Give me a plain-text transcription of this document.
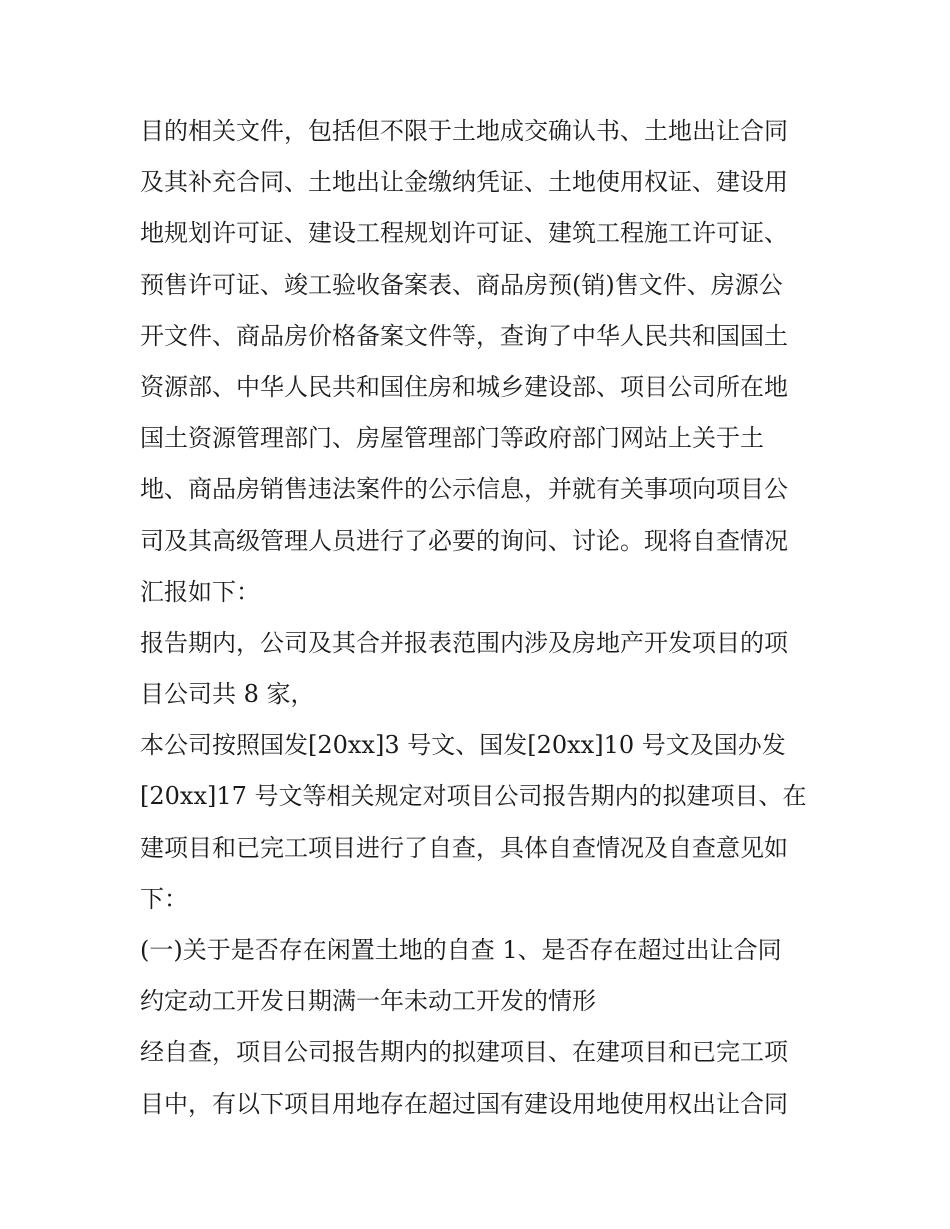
目的相关文件，包括但不限于土地成交确认书、土地出让合同
及其补充合同、土地出让金缴纳凭证、土地使用权证、建设用
地规划许可证、建设工程规划许可证、建筑工程施工许可证、
预售许可证、竣工验收备案表、商品房预(销)售文件、房源公
开文件、商品房价格备案文件等，查询了中华人民共和国国土
资源部、中华人民共和国住房和城乡建设部、项目公司所在地
国土资源管理部门、房屋管理部门等政府部门网站上关于土
地、商品房销售违法案件的公示信息，并就有关事项向项目公
司及其高级管理人员进行了必要的询问、讨论。现将自查情况
汇报如下：
报告期内，公司及其合并报表范围内涉及房地产开发项目的项
目公司共 8 家，
本公司按照国发[20xx]3 号文、国发[20xx]10 号文及国办发
[20xx]17 号文等相关规定对项目公司报告期内的拟建项目、在
建项目和已完工项目进行了自查，具体自查情况及自查意见如
下：
(一)关于是否存在闲置土地的自查 1、是否存在超过出让合同
约定动工开发日期满一年未动工开发的情形
经自查，项目公司报告期内的拟建项目、在建项目和已完工项
目中，有以下项目用地存在超过国有建设用地使用权出让合同
